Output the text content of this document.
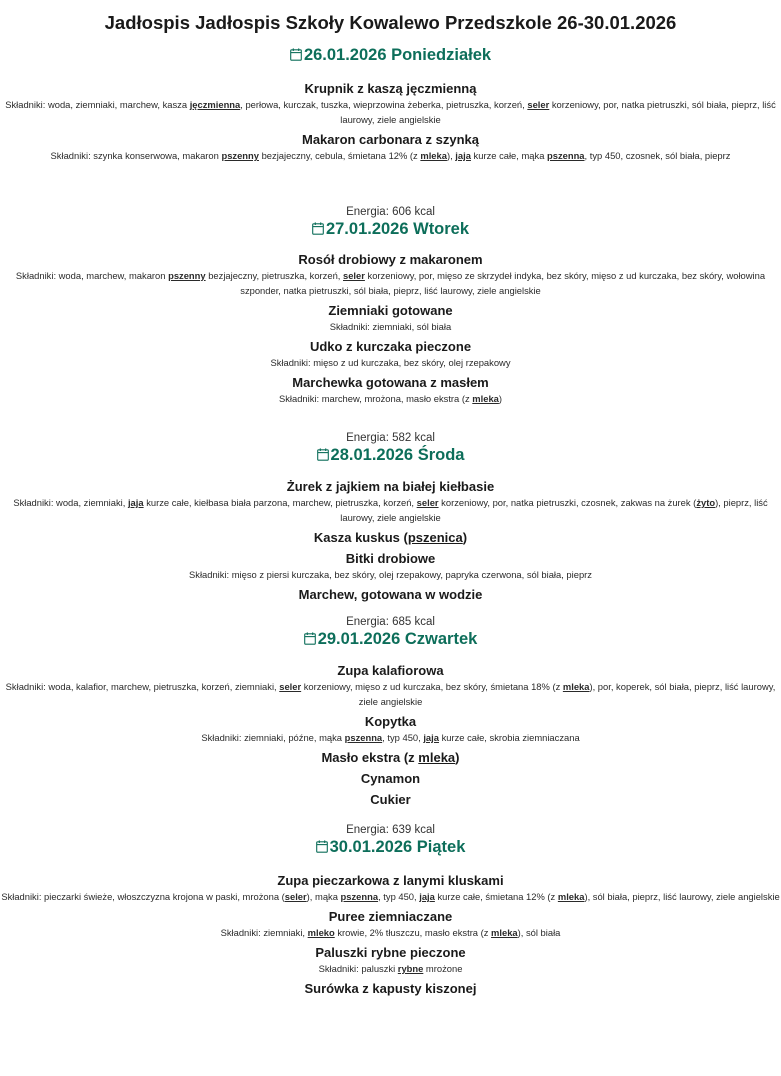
Jadłospis Jadłospis Szkoły Kowalewo Przedszkole 26-30.01.2026
26.01.2026 Poniedziałek
Krupnik z kaszą jęczmienną
Składniki: woda, ziemniaki, marchew, kasza jęczmienna, perłowa, kurczak, tuszka, wieprzowina żeberka, pietruszka, korzeń, seler korzeniowy, por, natka pietruszki, sól biała, pieprz, liść laurowy, ziele angielskie
Makaron carbonara z szynką
Składniki: szynka konserwowa, makaron pszenny bezjajeczny, cebula, śmietana 12% (z mleka), jaja kurze całe, mąka pszenna, typ 450, czosnek, sól biała, pieprz
Energia: 606 kcal
27.01.2026 Wtorek
Rosół drobiowy z makaronem
Składniki: woda, marchew, makaron pszenny bezjajeczny, pietruszka, korzeń, seler korzeniowy, por, mięso ze skrzydeł indyka, bez skóry, mięso z ud kurczaka, bez skóry, wołowina szponder, natka pietruszki, sól biała, pieprz, liść laurowy, ziele angielskie
Ziemniaki gotowane
Składniki: ziemniaki, sól biała
Udko z kurczaka pieczone
Składniki: mięso z ud kurczaka, bez skóry, olej rzepakowy
Marchewka gotowana z masłem
Składniki: marchew, mrożona, masło ekstra (z mleka)
Energia: 582 kcal
28.01.2026 Środa
Żurek z jajkiem na białej kiełbasie
Składniki: woda, ziemniaki, jaja kurze całe, kiełbasa biała parzona, marchew, pietruszka, korzeń, seler korzeniowy, por, natka pietruszki, czosnek, zakwas na żurek (żyto), pieprz, liść laurowy, ziele angielskie
Kasza kuskus (pszenica)
Bitki drobiowe
Składniki: mięso z piersi kurczaka, bez skóry, olej rzepakowy, papryka czerwona, sól biała, pieprz
Marchew, gotowana w wodzie
Energia: 685 kcal
29.01.2026 Czwartek
Zupa kalafiorowa
Składniki: woda, kalafior, marchew, pietruszka, korzeń, ziemniaki, seler korzeniowy, mięso z ud kurczaka, bez skóry, śmietana 18% (z mleka), por, koperek, sól biała, pieprz, liść laurowy, ziele angielskie
Kopytka
Składniki: ziemniaki, późne, mąka pszenna, typ 450, jaja kurze całe, skrobia ziemniaczana
Masło ekstra (z mleka)
Cynamon
Cukier
Energia: 639 kcal
30.01.2026 Piątek
Zupa pieczarkowa z lanymi kluskami
Składniki: pieczarki świeże, włoszczyzna krojona w paski, mrożona (seler), mąka pszenna, typ 450, jaja kurze całe, śmietana 12% (z mleka), sól biała, pieprz, liść laurowy, ziele angielskie
Puree ziemniaczane
Składniki: ziemniaki, mleko krowie, 2% tłuszczu, masło ekstra (z mleka), sól biała
Paluszki rybne pieczone
Składniki: paluszki rybne mrożone
Surówka z kapusty kiszonej
